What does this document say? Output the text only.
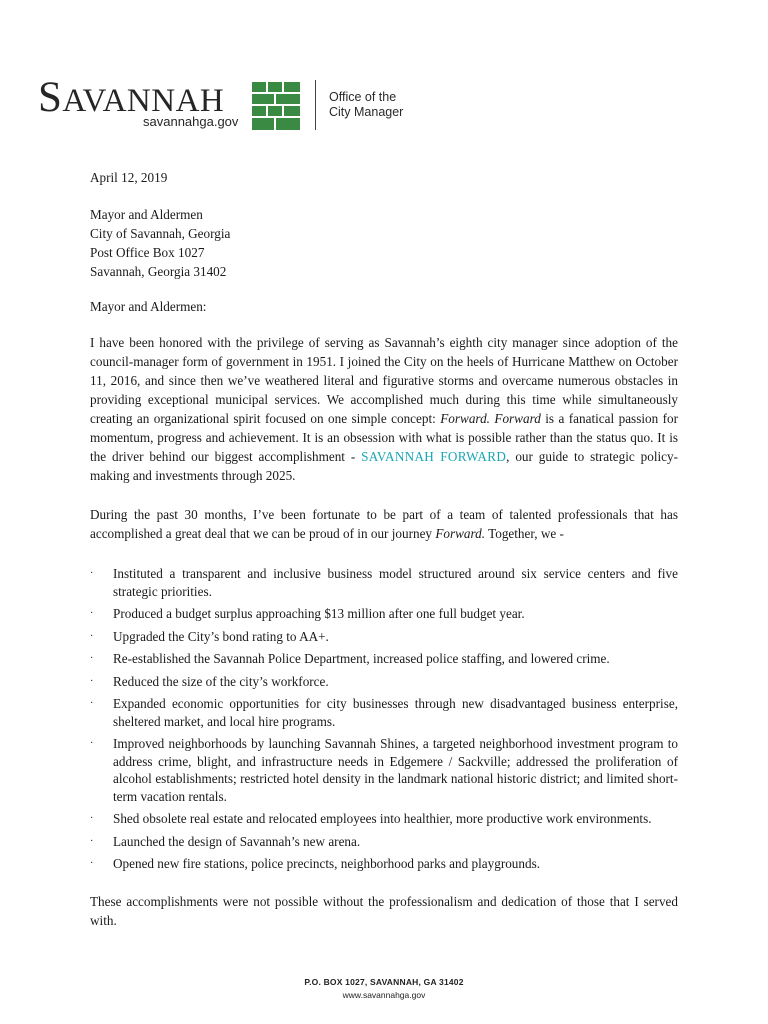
SAVANNAH
savannahga.gov
Office of the
City Manager

April 12, 2019

Mayor and Aldermen
City of Savannah, Georgia
Post Office Box 1027
Savannah, Georgia 31402

Mayor and Aldermen:

I have been honored with the privilege of serving as Savannah’s eighth city manager since adoption of the council-manager form of government in 1951. I joined the City on the heels of Hurricane Matthew on October 11, 2016, and since then we’ve weathered literal and figurative storms and overcame numerous obstacles in providing exceptional municipal services. We accomplished much during this time while simultaneously creating an organizational spirit focused on one simple concept: Forward. Forward is a fanatical passion for momentum, progress and achievement. It is an obsession with what is possible rather than the status quo. It is the driver behind our biggest accomplishment - SAVANNAH FORWARD, our guide to strategic policy-making and investments through 2025.

During the past 30 months, I’ve been fortunate to be part of a team of talented professionals that has accomplished a great deal that we can be proud of in our journey Forward. Together, we -

· Instituted a transparent and inclusive business model structured around six service centers and five strategic priorities.
· Produced a budget surplus approaching $13 million after one full budget year.
· Upgraded the City’s bond rating to AA+.
· Re-established the Savannah Police Department, increased police staffing, and lowered crime.
· Reduced the size of the city’s workforce.
· Expanded economic opportunities for city businesses through new disadvantaged business enterprise, sheltered market, and local hire programs.
· Improved neighborhoods by launching Savannah Shines, a targeted neighborhood investment program to address crime, blight, and infrastructure needs in Edgemere / Sackville; addressed the proliferation of alcohol establishments; restricted hotel density in the landmark national historic district; and limited short-term vacation rentals.
· Shed obsolete real estate and relocated employees into healthier, more productive work environments.
· Launched the design of Savannah’s new arena.
· Opened new fire stations, police precincts, neighborhood parks and playgrounds.

These accomplishments were not possible without the professionalism and dedication of those that I served with.

P.O. BOX 1027, SAVANNAH, GA 31402
www.savannahga.gov
